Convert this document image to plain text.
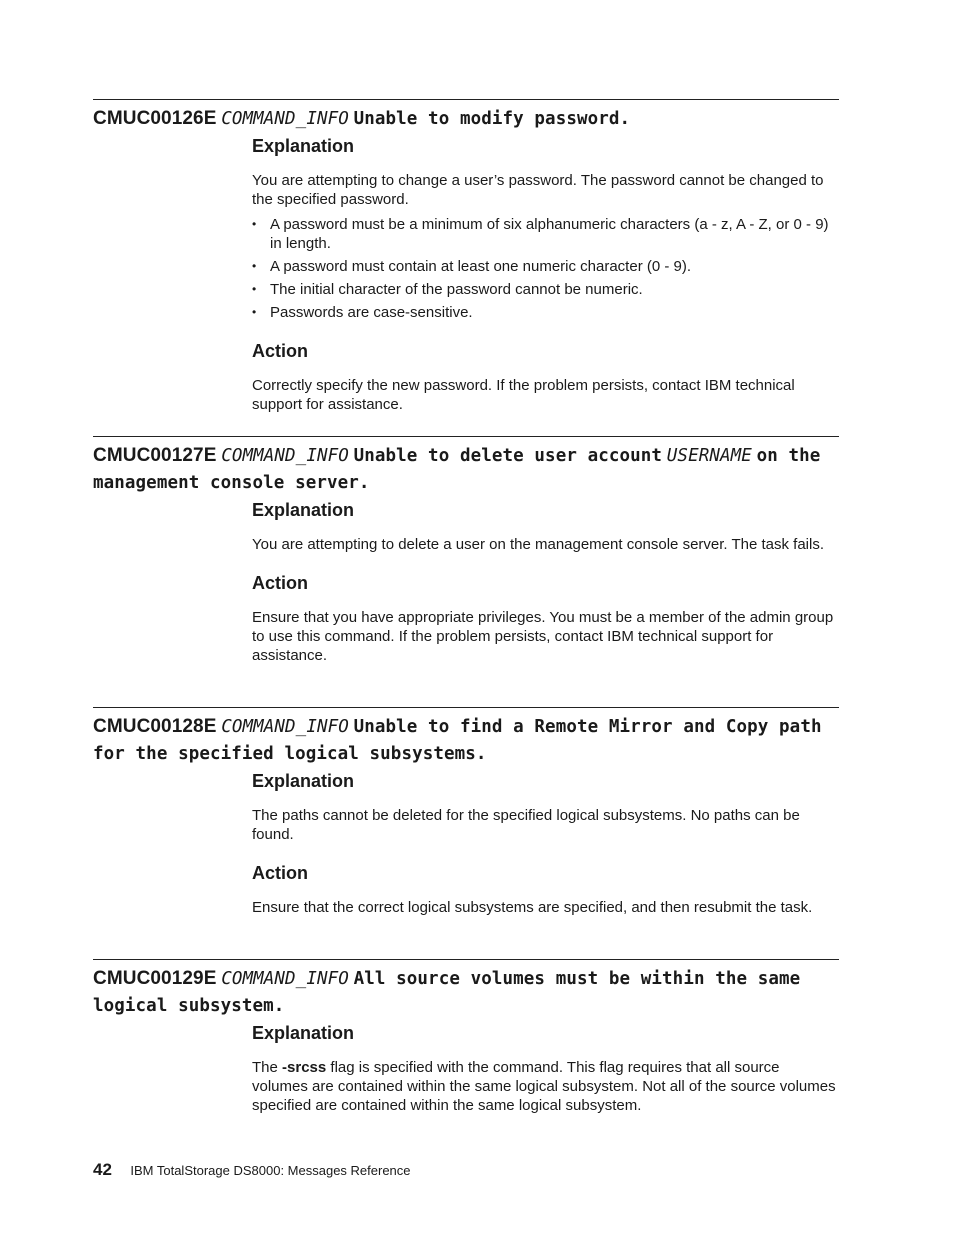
CMUC00126E COMMAND_INFO Unable to modify password.
Explanation

You are attempting to change a user’s password. The password cannot be changed to the specified password.

• A password must be a minimum of six alphanumeric characters (a - z, A - Z, or 0 - 9) in length.
• A password must contain at least one numeric character (0 - 9).
• The initial character of the password cannot be numeric.
• Passwords are case-sensitive.
Action

Correctly specify the new password. If the problem persists, contact IBM technical support for assistance.

CMUC00127E COMMAND_INFO Unable to delete user account USERNAME on the management console server.
Explanation

You are attempting to delete a user on the management console server. The task fails.

Action

Ensure that you have appropriate privileges. You must be a member of the admin group to use this command. If the problem persists, contact IBM technical support for assistance.

CMUC00128E COMMAND_INFO Unable to find a Remote Mirror and Copy path for the specified logical subsystems.
Explanation

The paths cannot be deleted for the specified logical subsystems. No paths can be found.

Action

Ensure that the correct logical subsystems are specified, and then resubmit the task.

CMUC00129E COMMAND_INFO All source volumes must be within the same logical subsystem.
Explanation

The -srcss flag is specified with the command. This flag requires that all source volumes are contained within the same logical subsystem. Not all of the source volumes specified are contained within the same logical subsystem.

42 IBM TotalStorage DS8000: Messages Reference
